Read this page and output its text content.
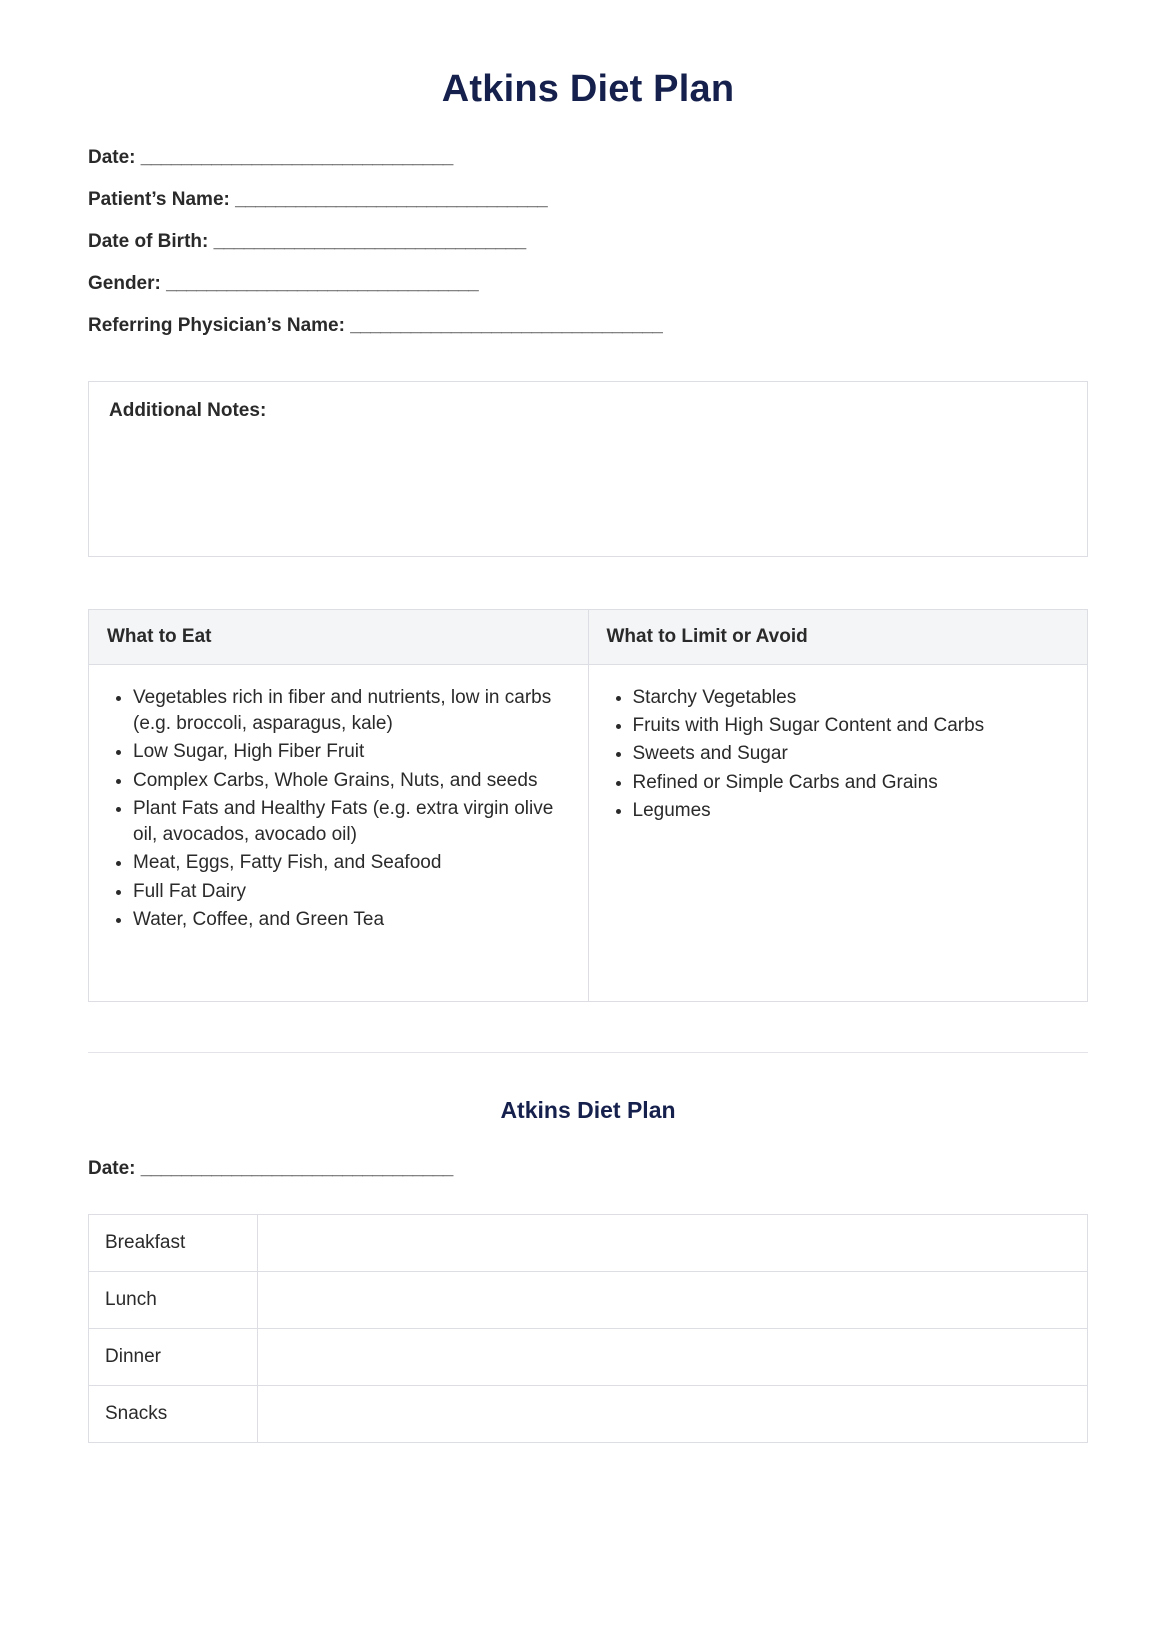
Atkins Diet Plan
Date: _______________________________
Patient’s Name: _______________________________
Date of Birth: _______________________________
Gender: _______________________________
Referring Physician’s Name: _______________________________
Additional Notes:
What to Eat	What to Limit or Avoid

• Vegetables rich in fiber and nutrients, low in carbs (e.g. broccoli, asparagus, kale)
• Low Sugar, High Fiber Fruit
• Complex Carbs, Whole Grains, Nuts, and seeds
• Plant Fats and Healthy Fats (e.g. extra virgin olive oil, avocados, avocado oil)
• Meat, Eggs, Fatty Fish, and Seafood
• Full Fat Dairy
• Water, Coffee, and Green Tea

• Starchy Vegetables
• Fruits with High Sugar Content and Carbs
• Sweets and Sugar
• Refined or Simple Carbs and Grains
• Legumes
Atkins Diet Plan
Date: _______________________________
Breakfast	
Lunch	
Dinner	
Snacks	
